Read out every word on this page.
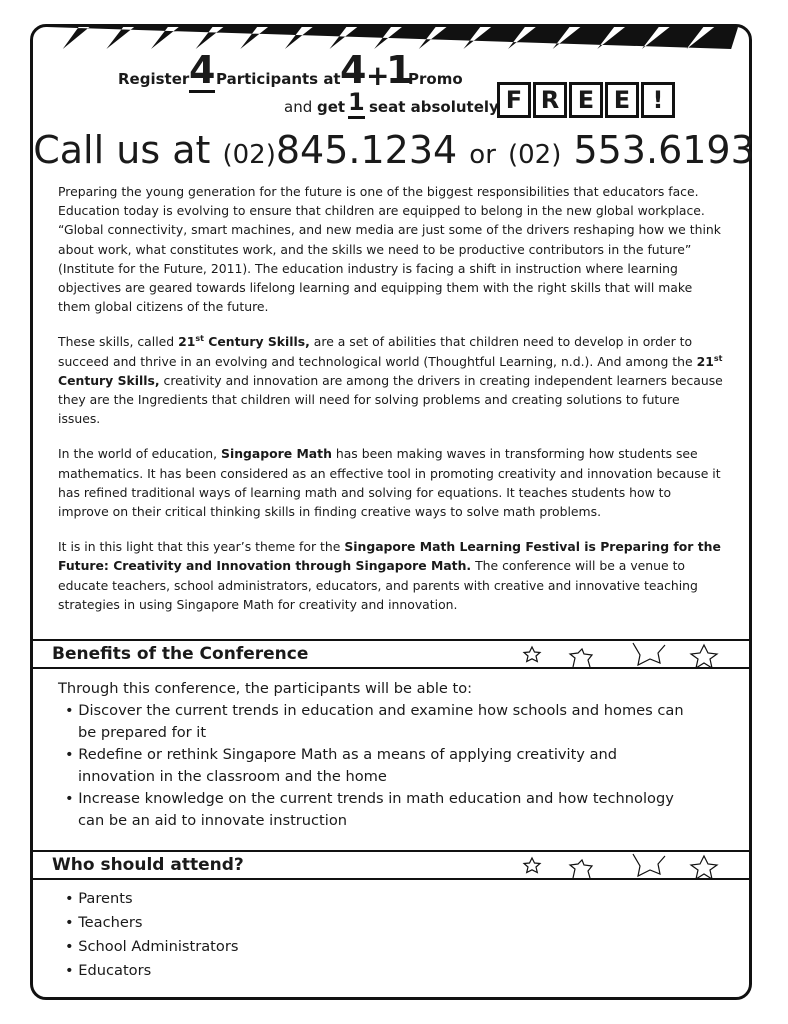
Register 4 Participants at 4 +
1
Promo
and get 1 seat absolutely F R E E !
Call us at (02)845.1234 or (02) 553.6193

Preparing the young generation for the future is one of the biggest responsibilities that educators face. Education today is evolving to ensure that children are equipped to belong in the new global workplace. “Global connectivity, smart machines, and new media are just some of the drivers reshaping how we think about work, what constitutes work, and the skills we need to be productive contributors in the future” (Institute for the Future, 2011). The education industry is facing a shift in instruction where learning objectives are geared towards lifelong learning and equipping them with the right skills that will make them global citizens of the future.

These skills, called 21st Century Skills, are a set of abilities that children need to develop in order to succeed and thrive in an evolving and technological world (Thoughtful Learning, n.d.). And among the 21st Century Skills, creativity and innovation are among the drivers in creating independent learners because they are the Ingredients that children will need for solving problems and creating solutions to future issues.

In the world of education, Singapore Math has been making waves in transforming how students see mathematics. It has been considered as an effective tool in promoting creativity and innovation because it has refined traditional ways of learning math and solving for equations. It teaches students how to improve on their critical thinking skills in finding creative ways to solve math problems.

It is in this light that this year’s theme for the Singapore Math Learning Festival is Preparing for the Future: Creativity and Innovation through Singapore Math. The conference will be a venue to educate teachers, school administrators, educators, and parents with creative and innovative teaching strategies in using Singapore Math for creativity and innovation.

Benefits of the Conference

Through this conference, the participants will be able to:

• Discover the current trends in education and examine how schools and homes can be prepared for it
• Redefine or rethink Singapore Math as a means of applying creativity and innovation in the classroom and the home
• Increase knowledge on the current trends in math education and how technology can be an aid to innovate instruction
Who should attend?
• Parents
• Teachers
• School Administrators
• Educators
